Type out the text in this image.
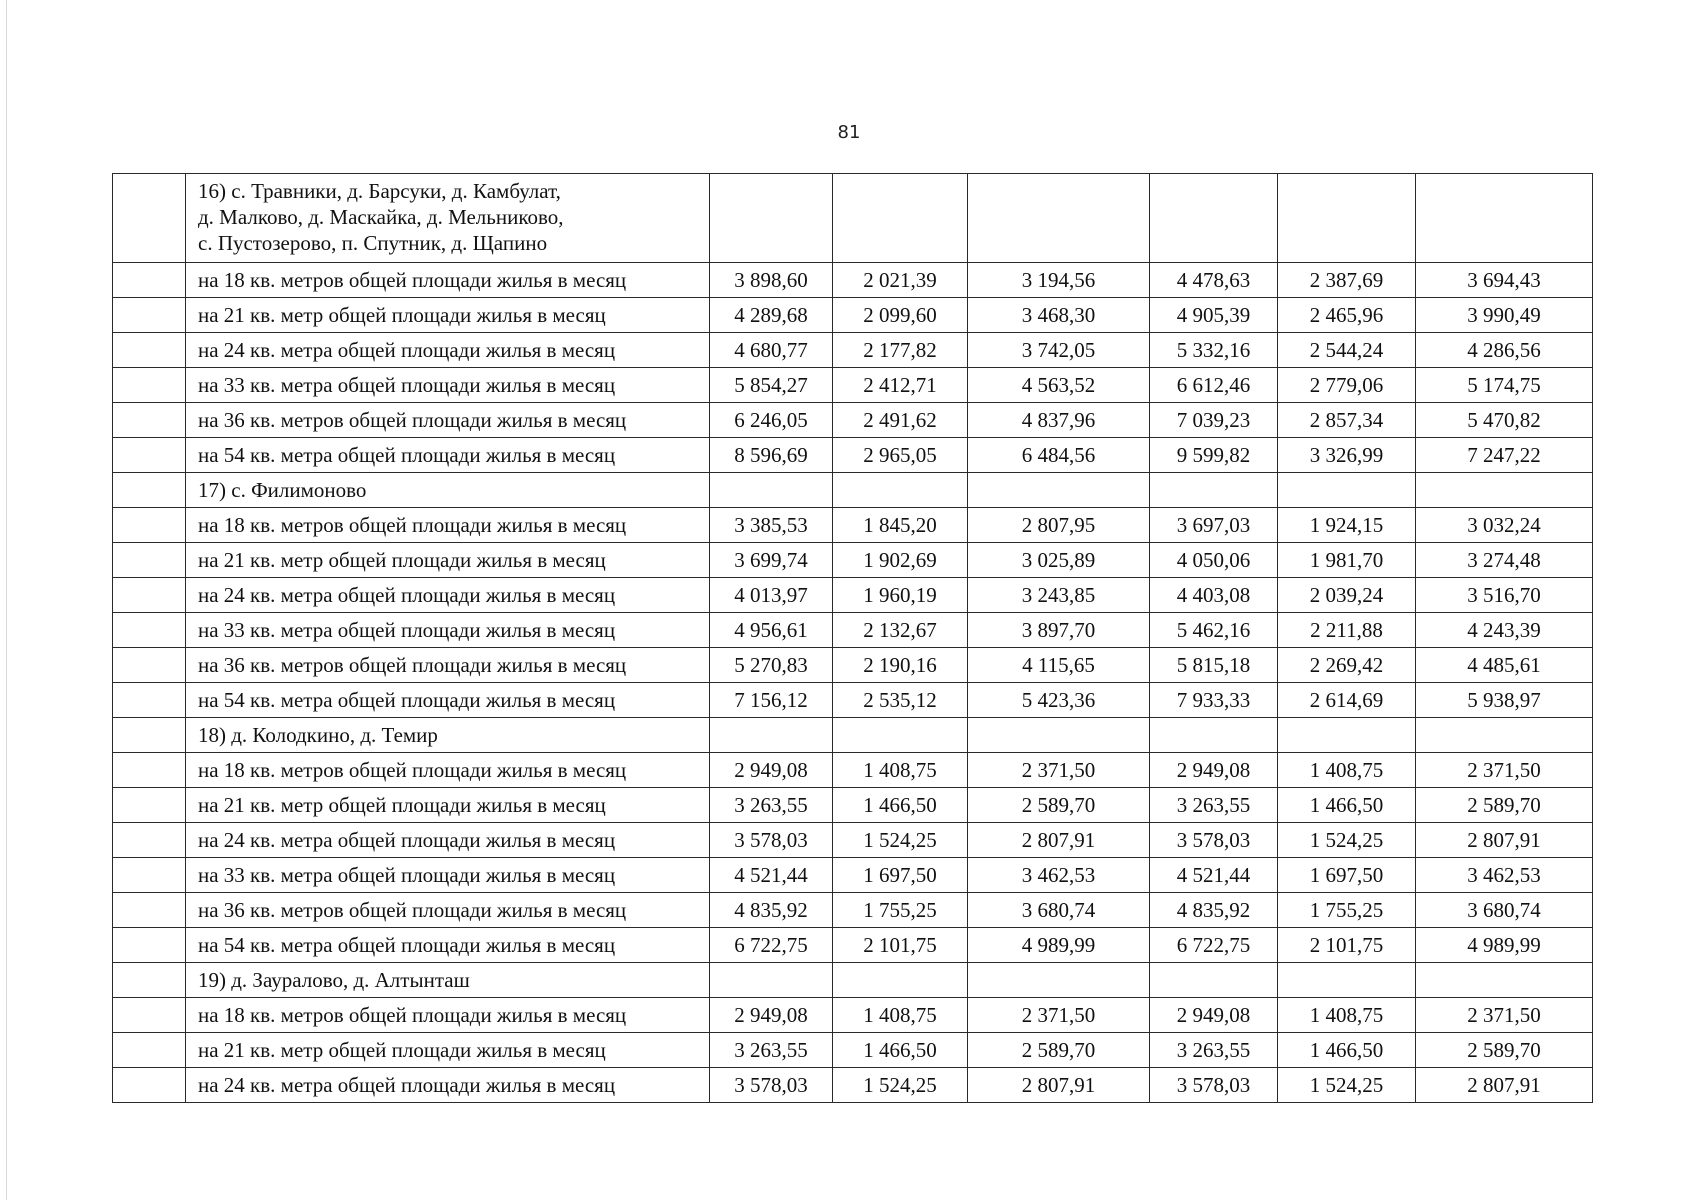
81

	16) с. Травники, д. Барсуки, д. Камбулат,
д. Малково, д. Маскайка, д. Мельниково,
с. Пустозерово, п. Спутник, д. Щапино						

	на 18 кв. метров общей площади жилья в месяц	3 898,60	2 021,39	3 194,56	4 478,63	2 387,69	3 694,43
	на 21 кв. метр общей площади жилья в месяц	4 289,68	2 099,60	3 468,30	4 905,39	2 465,96	3 990,49
	на 24 кв. метра общей площади жилья в месяц	4 680,77	2 177,82	3 742,05	5 332,16	2 544,24	4 286,56
	на 33 кв. метра общей площади жилья в месяц	5 854,27	2 412,71	4 563,52	6 612,46	2 779,06	5 174,75
	на 36 кв. метров общей площади жилья в месяц	6 246,05	2 491,62	4 837,96	7 039,23	2 857,34	5 470,82
	на 54 кв. метра общей площади жилья в месяц	8 596,69	2 965,05	6 484,56	9 599,82	3 326,99	7 247,22

	17) с. Филимоново						

	на 18 кв. метров общей площади жилья в месяц	3 385,53	1 845,20	2 807,95	3 697,03	1 924,15	3 032,24
	на 21 кв. метр общей площади жилья в месяц	3 699,74	1 902,69	3 025,89	4 050,06	1 981,70	3 274,48
	на 24 кв. метра общей площади жилья в месяц	4 013,97	1 960,19	3 243,85	4 403,08	2 039,24	3 516,70
	на 33 кв. метра общей площади жилья в месяц	4 956,61	2 132,67	3 897,70	5 462,16	2 211,88	4 243,39
	на 36 кв. метров общей площади жилья в месяц	5 270,83	2 190,16	4 115,65	5 815,18	2 269,42	4 485,61
	на 54 кв. метра общей площади жилья в месяц	7 156,12	2 535,12	5 423,36	7 933,33	2 614,69	5 938,97

	18) д. Колодкино, д. Темир						

	на 18 кв. метров общей площади жилья в месяц	2 949,08	1 408,75	2 371,50	2 949,08	1 408,75	2 371,50
	на 21 кв. метр общей площади жилья в месяц	3 263,55	1 466,50	2 589,70	3 263,55	1 466,50	2 589,70
	на 24 кв. метра общей площади жилья в месяц	3 578,03	1 524,25	2 807,91	3 578,03	1 524,25	2 807,91
	на 33 кв. метра общей площади жилья в месяц	4 521,44	1 697,50	3 462,53	4 521,44	1 697,50	3 462,53
	на 36 кв. метров общей площади жилья в месяц	4 835,92	1 755,25	3 680,74	4 835,92	1 755,25	3 680,74
	на 54 кв. метра общей площади жилья в месяц	6 722,75	2 101,75	4 989,99	6 722,75	2 101,75	4 989,99

	19) д. Зауралово, д. Алтынташ						

	на 18 кв. метров общей площади жилья в месяц	2 949,08	1 408,75	2 371,50	2 949,08	1 408,75	2 371,50
	на 21 кв. метр общей площади жилья в месяц	3 263,55	1 466,50	2 589,70	3 263,55	1 466,50	2 589,70
	на 24 кв. метра общей площади жилья в месяц	3 578,03	1 524,25	2 807,91	3 578,03	1 524,25	2 807,91
